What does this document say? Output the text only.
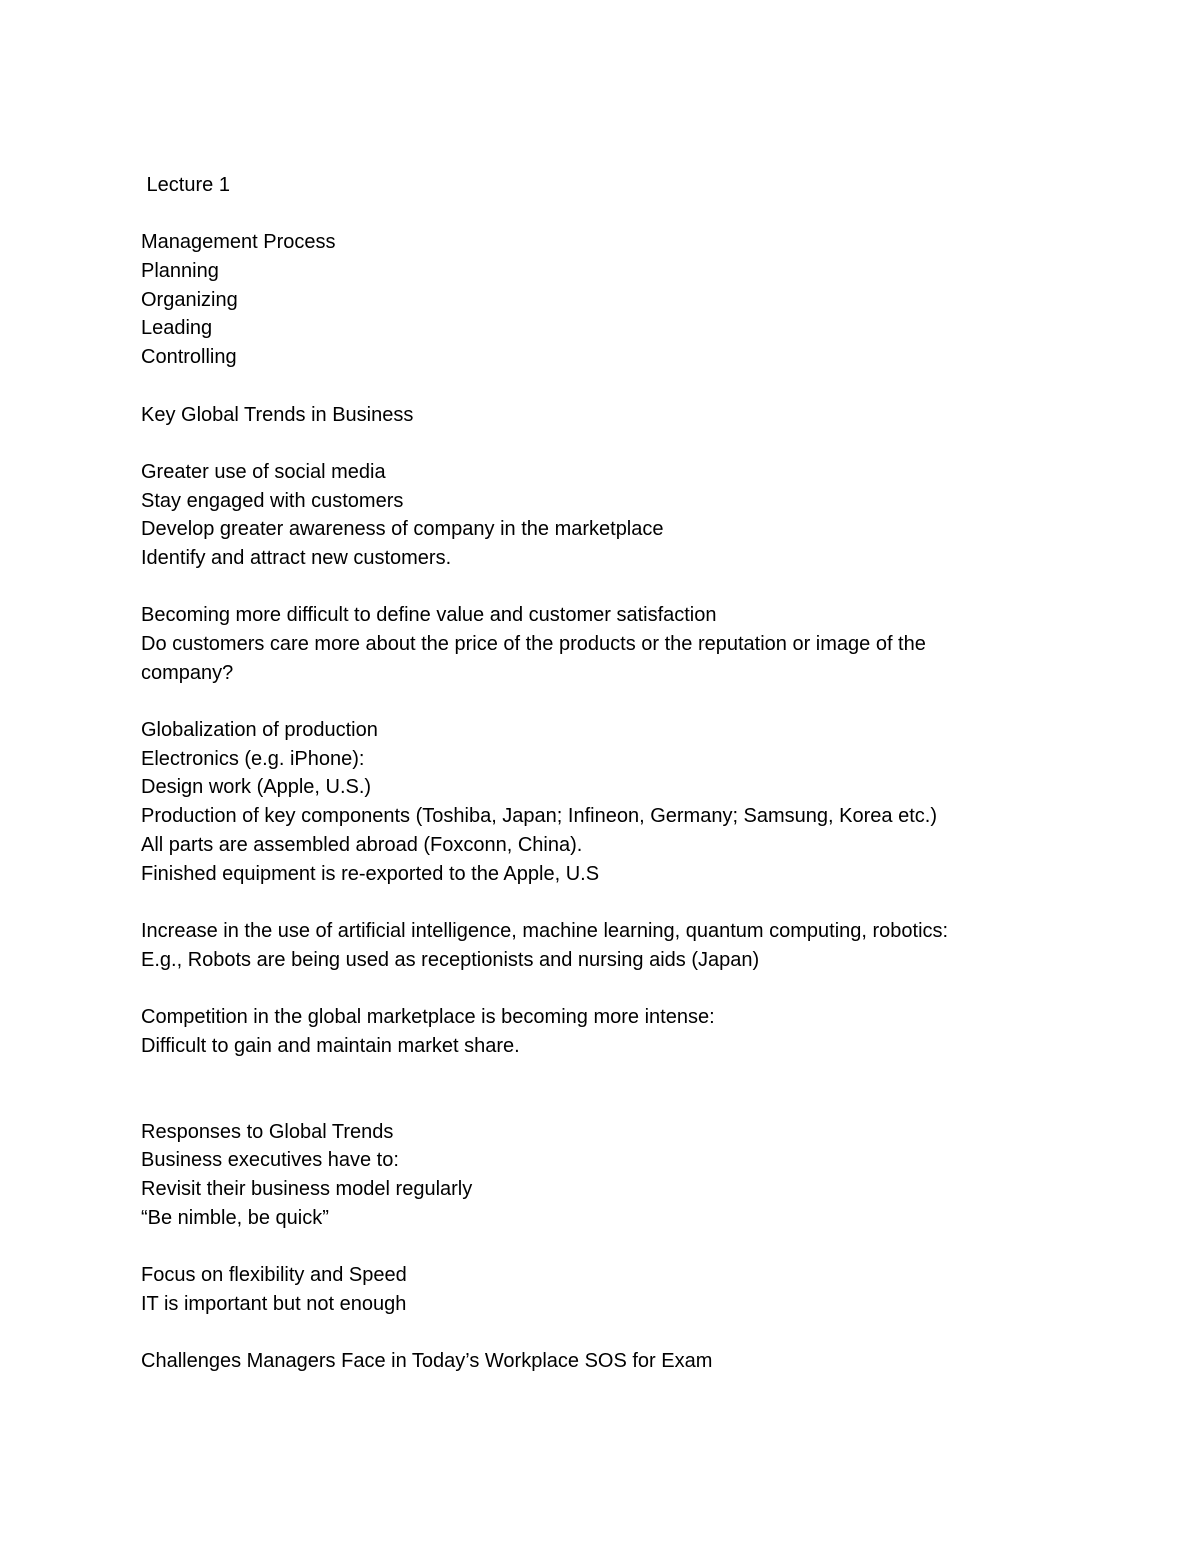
Lecture 1
Management Process
Planning
Organizing
Leading
Controlling
Key Global Trends in Business
Greater use of social media
Stay engaged with customers
Develop greater awareness of company in the marketplace
Identify and attract new customers.
Becoming more difficult to define value and customer satisfaction
Do customers care more about the price of the products or the reputation or image of the
company?
Globalization of production
Electronics (e.g. iPhone):
Design work (Apple, U.S.)
Production of key components (Toshiba, Japan; Infineon, Germany; Samsung, Korea etc.)
All parts are assembled abroad (Foxconn, China).
Finished equipment is re-exported to the Apple, U.S
Increase in the use of artificial intelligence, machine learning, quantum computing, robotics:
E.g., Robots are being used as receptionists and nursing aids (Japan)
Competition in the global marketplace is becoming more intense:
Difficult to gain and maintain market share.
Responses to Global Trends
Business executives have to:
Revisit their business model regularly
“Be nimble, be quick”
Focus on flexibility and Speed
IT is important but not enough
Challenges Managers Face in Today’s Workplace SOS for Exam
